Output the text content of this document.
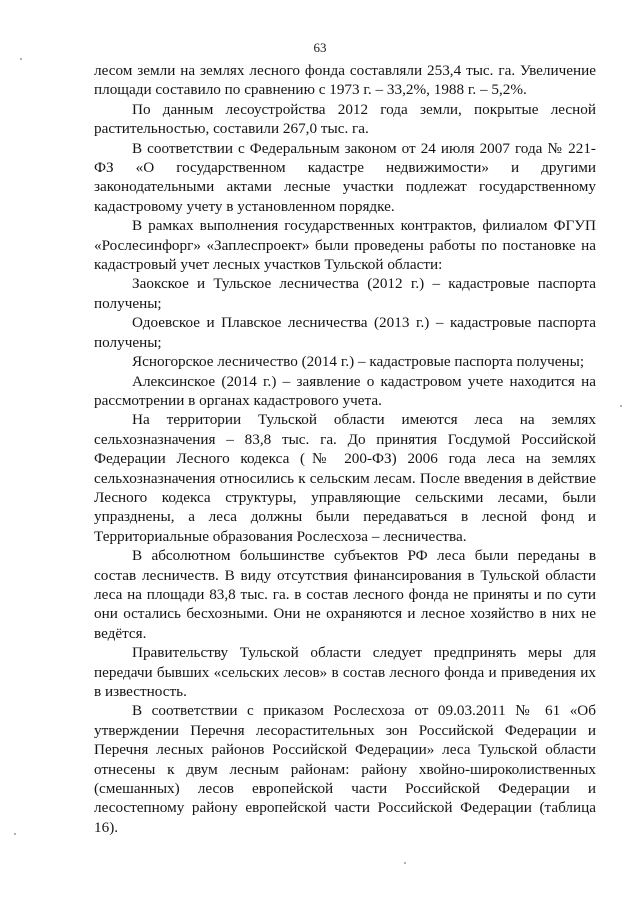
63

лесом земли на землях лесного фонда составляли 253,4 тыс. га. Увеличение площади составило по сравнению с 1973 г. – 33,2%, 1988 г. – 5,2%.

По данным лесоустройства 2012 года земли, покрытые лесной растительностью, составили 267,0 тыс. га.

В соответствии с Федеральным законом от 24 июля 2007 года № 221-ФЗ «О государственном кадастре недвижимости» и другими законодательными актами лесные участки подлежат государственному кадастровому учету в установленном порядке.

В рамках выполнения государственных контрактов, филиалом ФГУП «Рослесинфорг» «Заплеспроект» были проведены работы по постановке на кадастровый учет лесных участков Тульской области:

Заокское и Тульское лесничества (2012 г.) – кадастровые паспорта получены;

Одоевское и Плавское лесничества (2013 г.) – кадастровые паспорта получены;

Ясногорское лесничество (2014 г.) – кадастровые паспорта получены;

Алексинское (2014 г.) – заявление о кадастровом учете находится на рассмотрении в органах кадастрового учета.

На территории Тульской области имеются леса на землях сельхозназначения – 83,8 тыс. га. До принятия Госдумой Российской Федерации Лесного кодекса (№ 200-ФЗ) 2006 года леса на землях сельхозназначения относились к сельским лесам. После введения в действие Лесного кодекса структуры, управляющие сельскими лесами, были упразднены, а леса должны были передаваться в лесной фонд и Территориальные образования Рослесхоза – лесничества.

В абсолютном большинстве субъектов РФ леса были переданы в состав лесничеств. В виду отсутствия финансирования в Тульской области леса на площади 83,8 тыс. га. в состав лесного фонда не приняты и по сути они остались бесхозными. Они не охраняются и лесное хозяйство в них не ведётся.

Правительству Тульской области следует предпринять меры для передачи бывших «сельских лесов» в состав лесного фонда и приведения их в известность.

В соответствии с приказом Рослесхоза от 09.03.2011 № 61 «Об утверждении Перечня лесорастительных зон Российской Федерации и Перечня лесных районов Российской Федерации» леса Тульской области отнесены к двум лесным районам: району хвойно-широколиственных (смешанных) лесов европейской части Российской Федерации и лесостепному району европейской части Российской Федерации (таблица 16).
